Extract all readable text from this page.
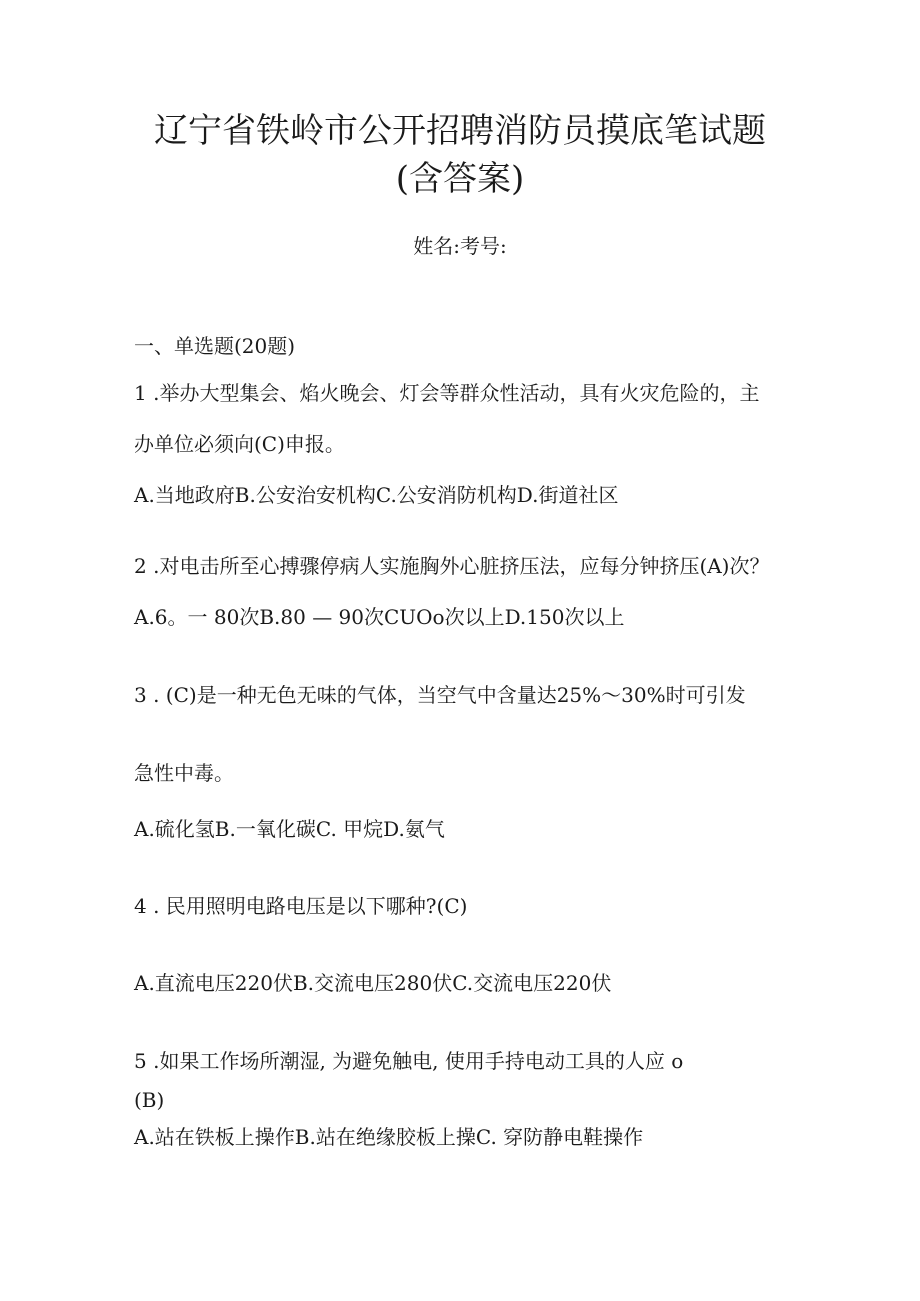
辽宁省铁岭市公开招聘消防员摸底笔试题
(含答案)
姓名:考号:
一、单选题(20题)
1 .举办大型集会、焰火晚会、灯会等群众性活动，具有火灾危险的，主
办单位必须向(C)申报。
A.当地政府B.公安治安机构C.公安消防机构D.街道社区
2 .对电击所至心搏骤停病人实施胸外心脏挤压法，应每分钟挤压(A)次？
A.6。一 80次B.80 — 90次CUOo次以上D.150次以上
3 . (C)是一种无色无味的气体，当空气中含量达25%～30%时可引发
急性中毒。
A.硫化氢B.一氧化碳C. 甲烷D.氨气
4 . 民用照明电路电压是以下哪种?(C)
A.直流电压220伏B.交流电压280伏C.交流电压220伏
5 .如果工作场所潮湿, 为避免触电, 使用手持电动工具的人应 o
(B)
A.站在铁板上操作B.站在绝缘胶板上操C. 穿防静电鞋操作
